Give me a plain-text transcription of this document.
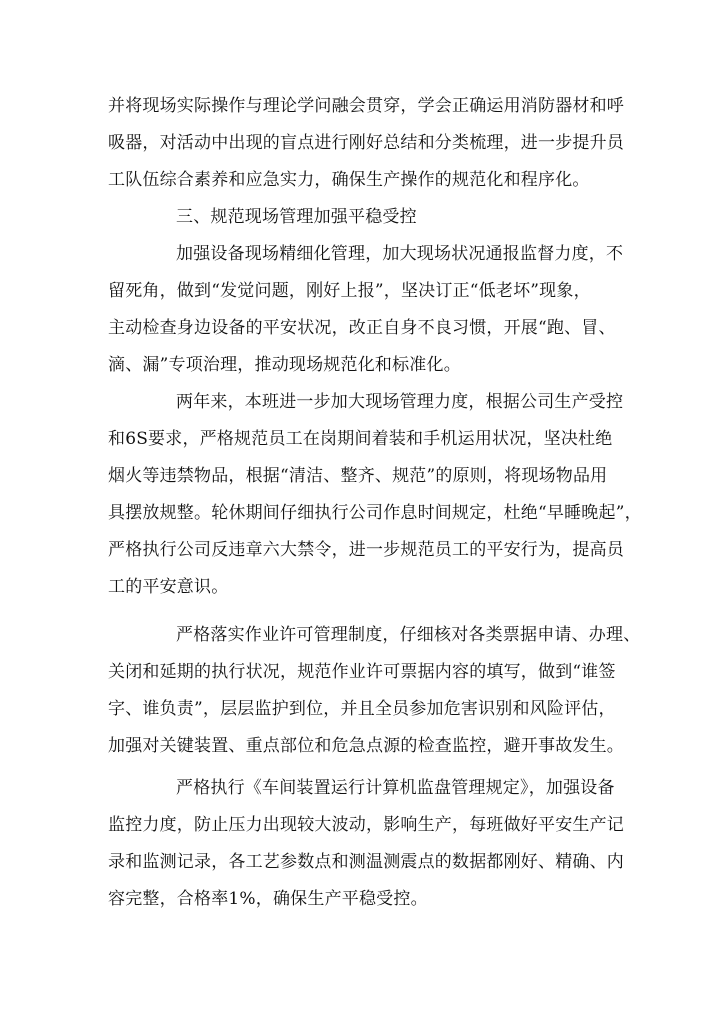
并将现场实际操作与理论学问融会贯穿，学会正确运用消防器材和呼
吸器，对活动中出现的盲点进行刚好总结和分类梳理，进一步提升员
工队伍综合素养和应急实力，确保生产操作的规范化和程序化。
三、规范现场管理加强平稳受控
加强设备现场精细化管理，加大现场状况通报监督力度，不
留死角，做到“发觉问题，刚好上报”，坚决订正“低老坏”现象，
主动检查身边设备的平安状况，改正自身不良习惯，开展“跑、冒、
滴、漏”专项治理，推动现场规范化和标准化。
两年来，本班进一步加大现场管理力度，根据公司生产受控
和6S要求，严格规范员工在岗期间着装和手机运用状况，坚决杜绝
烟火等违禁物品，根据“清洁、整齐、规范”的原则，将现场物品用
具摆放规整。轮休期间仔细执行公司作息时间规定，杜绝“早睡晚起”，
严格执行公司反违章六大禁令，进一步规范员工的平安行为，提高员
工的平安意识。
严格落实作业许可管理制度，仔细核对各类票据申请、办理、
关闭和延期的执行状况，规范作业许可票据内容的填写，做到“谁签
字、谁负责”，层层监护到位，并且全员参加危害识别和风险评估，
加强对关键装置、重点部位和危急点源的检查监控，避开事故发生。
严格执行《车间装置运行计算机监盘管理规定》，加强设备
监控力度，防止压力出现较大波动，影响生产，每班做好平安生产记
录和监测记录，各工艺参数点和测温测震点的数据都刚好、精确、内
容完整，合格率1%，确保生产平稳受控。
